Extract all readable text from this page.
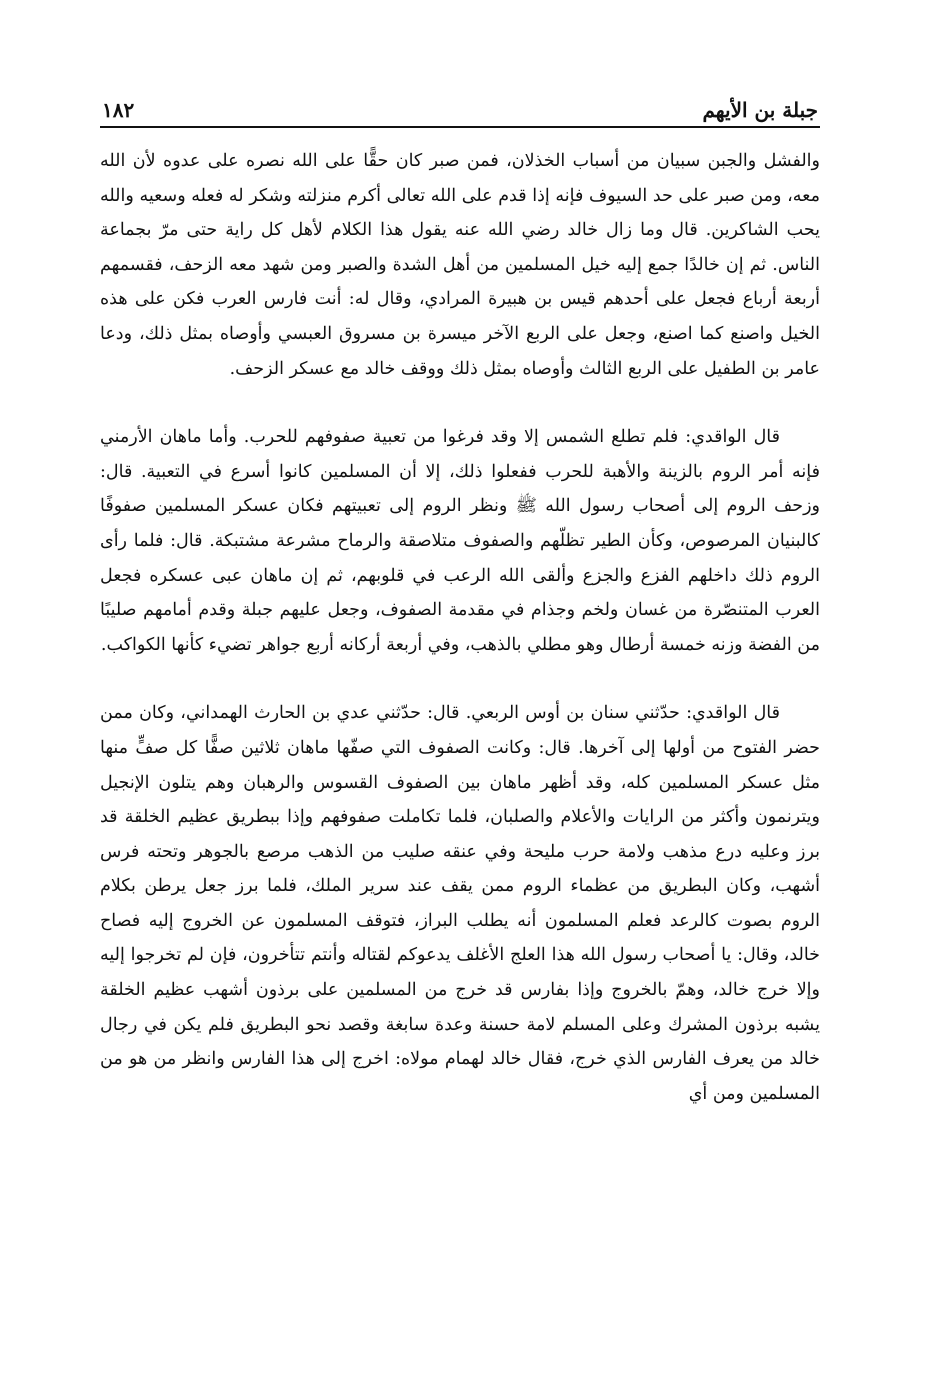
جبلة بن الأيهم
١٨٢

والفشل والجبن سبيان من أسباب الخذلان، فمن صبر كان حقًّا على الله نصره على عدوه لأن الله معه، ومن صبر على حد السيوف فإنه إذا قدم على الله تعالى أكرم منزلته وشكر له فعله وسعيه والله يحب الشاكرين. قال وما زال خالد رضي الله عنه يقول هذا الكلام لأهل كل راية حتى مرّ بجماعة الناس. ثم إن خالدًا جمع إليه خيل المسلمين من أهل الشدة والصبر ومن شهد معه الزحف، فقسمهم أربعة أرباع فجعل على أحدهم قيس بن هبيرة المرادي، وقال له: أنت فارس العرب فكن على هذه الخيل واصنع كما اصنع، وجعل على الربع الآخر ميسرة بن مسروق العبسي وأوصاه بمثل ذلك، ودعا عامر بن الطفيل على الربع الثالث وأوصاه بمثل ذلك ووقف خالد مع عسكر الزحف.

قال الواقدي: فلم تطلع الشمس إلا وقد فرغوا من تعبية صفوفهم للحرب. وأما ماهان الأرمني فإنه أمر الروم بالزينة والأهبة للحرب ففعلوا ذلك، إلا أن المسلمين كانوا أسرع في التعبية. قال: وزحف الروم إلى أصحاب رسول الله ﷺ ونظر الروم إلى تعبيتهم فكان عسكر المسلمين صفوفًا كالبنيان المرصوص، وكأن الطير تظلّهم والصفوف متلاصقة والرماح مشرعة مشتبكة. قال: فلما رأى الروم ذلك داخلهم الفزع والجزع وألقى الله الرعب في قلوبهم، ثم إن ماهان عبى عسكره فجعل العرب المتنصّرة من غسان ولخم وجذام في مقدمة الصفوف، وجعل عليهم جبلة وقدم أمامهم صليبًا من الفضة وزنه خمسة أرطال وهو مطلي بالذهب، وفي أربعة أركانه أربع جواهر تضيء كأنها الكواكب.

قال الواقدي: حدّثني سنان بن أوس الربعي. قال: حدّثني عدي بن الحارث الهمداني، وكان ممن حضر الفتوح من أولها إلى آخرها. قال: وكانت الصفوف التي صفّها ماهان ثلاثين صفًّا كل صفٍّ منها مثل عسكر المسلمين كله، وقد أظهر ماهان بين الصفوف القسوس والرهبان وهم يتلون الإنجيل ويترنمون وأكثر من الرايات والأعلام والصلبان، فلما تكاملت صفوفهم وإذا ببطريق عظيم الخلقة قد برز وعليه درع مذهب ولامة حرب مليحة وفي عنقه صليب من الذهب مرصع بالجوهر وتحته فرس أشهب، وكان البطريق من عظماء الروم ممن يقف عند سرير الملك، فلما برز جعل يرطن بكلام الروم بصوت كالرعد فعلم المسلمون أنه يطلب البراز، فتوقف المسلمون عن الخروج إليه فصاح خالد، وقال: يا أصحاب رسول الله هذا العلج الأغلف يدعوكم لقتاله وأنتم تتأخرون، فإن لم تخرجوا إليه وإلا خرج خالد، وهمّ بالخروج وإذا بفارس قد خرج من المسلمين على برذون أشهب عظيم الخلقة يشبه برذون المشرك وعلى المسلم لامة حسنة وعدة سابغة وقصد نحو البطريق فلم يكن في رجال خالد من يعرف الفارس الذي خرج، فقال خالد لهمام مولاه: اخرج إلى هذا الفارس وانظر من هو من المسلمين ومن أي
